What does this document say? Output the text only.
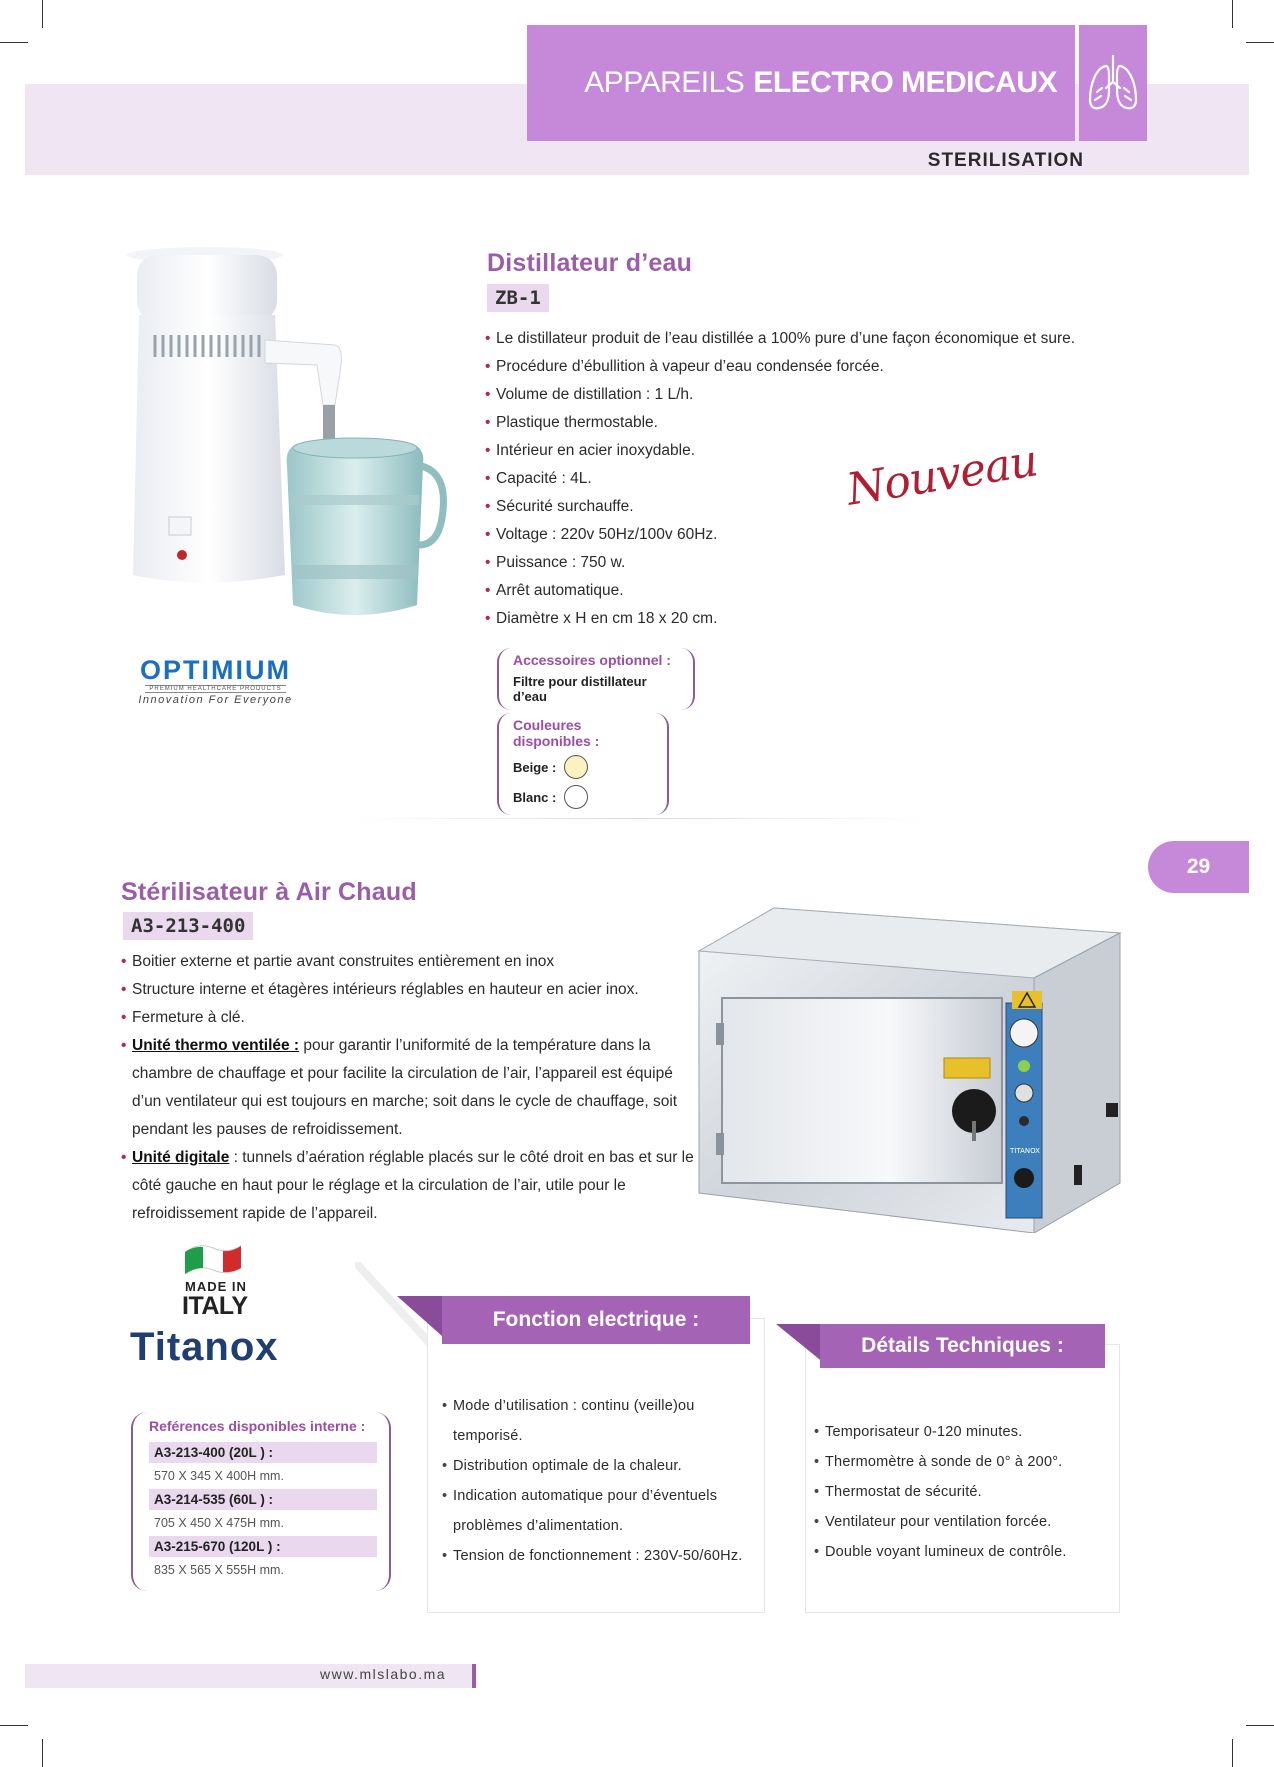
APPAREILS ELECTRO MEDICAUX
STERILISATION
OPTIMIUM
PREMIUM HEALTHCARE PRODUCTS
Innovation For Everyone
Distillateur d’eau
ZB-1
• Le distillateur produit de l’eau distillée a 100% pure d’une façon économique et sure.
• Procédure d’ébullition à vapeur d’eau condensée forcée.
• Volume de distillation : 1 L/h.
• Plastique thermostable.
• Intérieur en acier inoxydable.
• Capacité : 4L.
• Sécurité surchauffe.
• Voltage : 220v 50Hz/100v 60Hz.
• Puissance : 750 w.
• Arrêt automatique.
• Diamètre x H en cm 18 x 20 cm.
Nouveau
Accessoires optionnel :
Filtre pour distillateur d’eau
Couleures disponibles :
Beige :
Blanc :
29
Stérilisateur à Air Chaud
A3-213-400
• Boitier externe et partie avant construites entièrement en inox
• Structure interne et étagères intérieurs réglables en hauteur en acier inox.
• Fermeture à clé.
• Unité thermo ventilée : pour garantir l’uniformité de la température dans la chambre de chauffage et pour facilite la circulation de l’air, l’appareil est équipé d’un ventilateur qui est toujours en marche; soit dans le cycle de chauffage, soit pendant les pauses de refroidissement.
• Unité digitale : tunnels d’aération réglable placés sur le côté droit en bas et sur le côté gauche en haut pour le réglage et la circulation de l’air, utile pour le refroidissement rapide de l’appareil.
TITANOX
MADE IN
ITALY
Titanox
Reférences disponibles interne :
A3-213-400 (20L ) :
570 X 345 X 400H mm.
A3-214-535 (60L ) :
705 X 450 X 475H mm.
A3-215-670 (120L ) :
835 X 565 X 555H mm.
• Mode d’utilisation : continu (veille)ou temporisé.
• Distribution optimale de la chaleur.
• Indication automatique pour d’éventuels problèmes d’alimentation.
• Tension de fonctionnement : 230V-50/60Hz.
Fonction electrique :
• Temporisateur 0-120 minutes.
• Thermomètre à sonde de 0° à 200°.
• Thermostat de sécurité.
• Ventilateur pour ventilation forcée.
• Double voyant lumineux de contrôle.
Détails Techniques :
www.mlslabo.ma
